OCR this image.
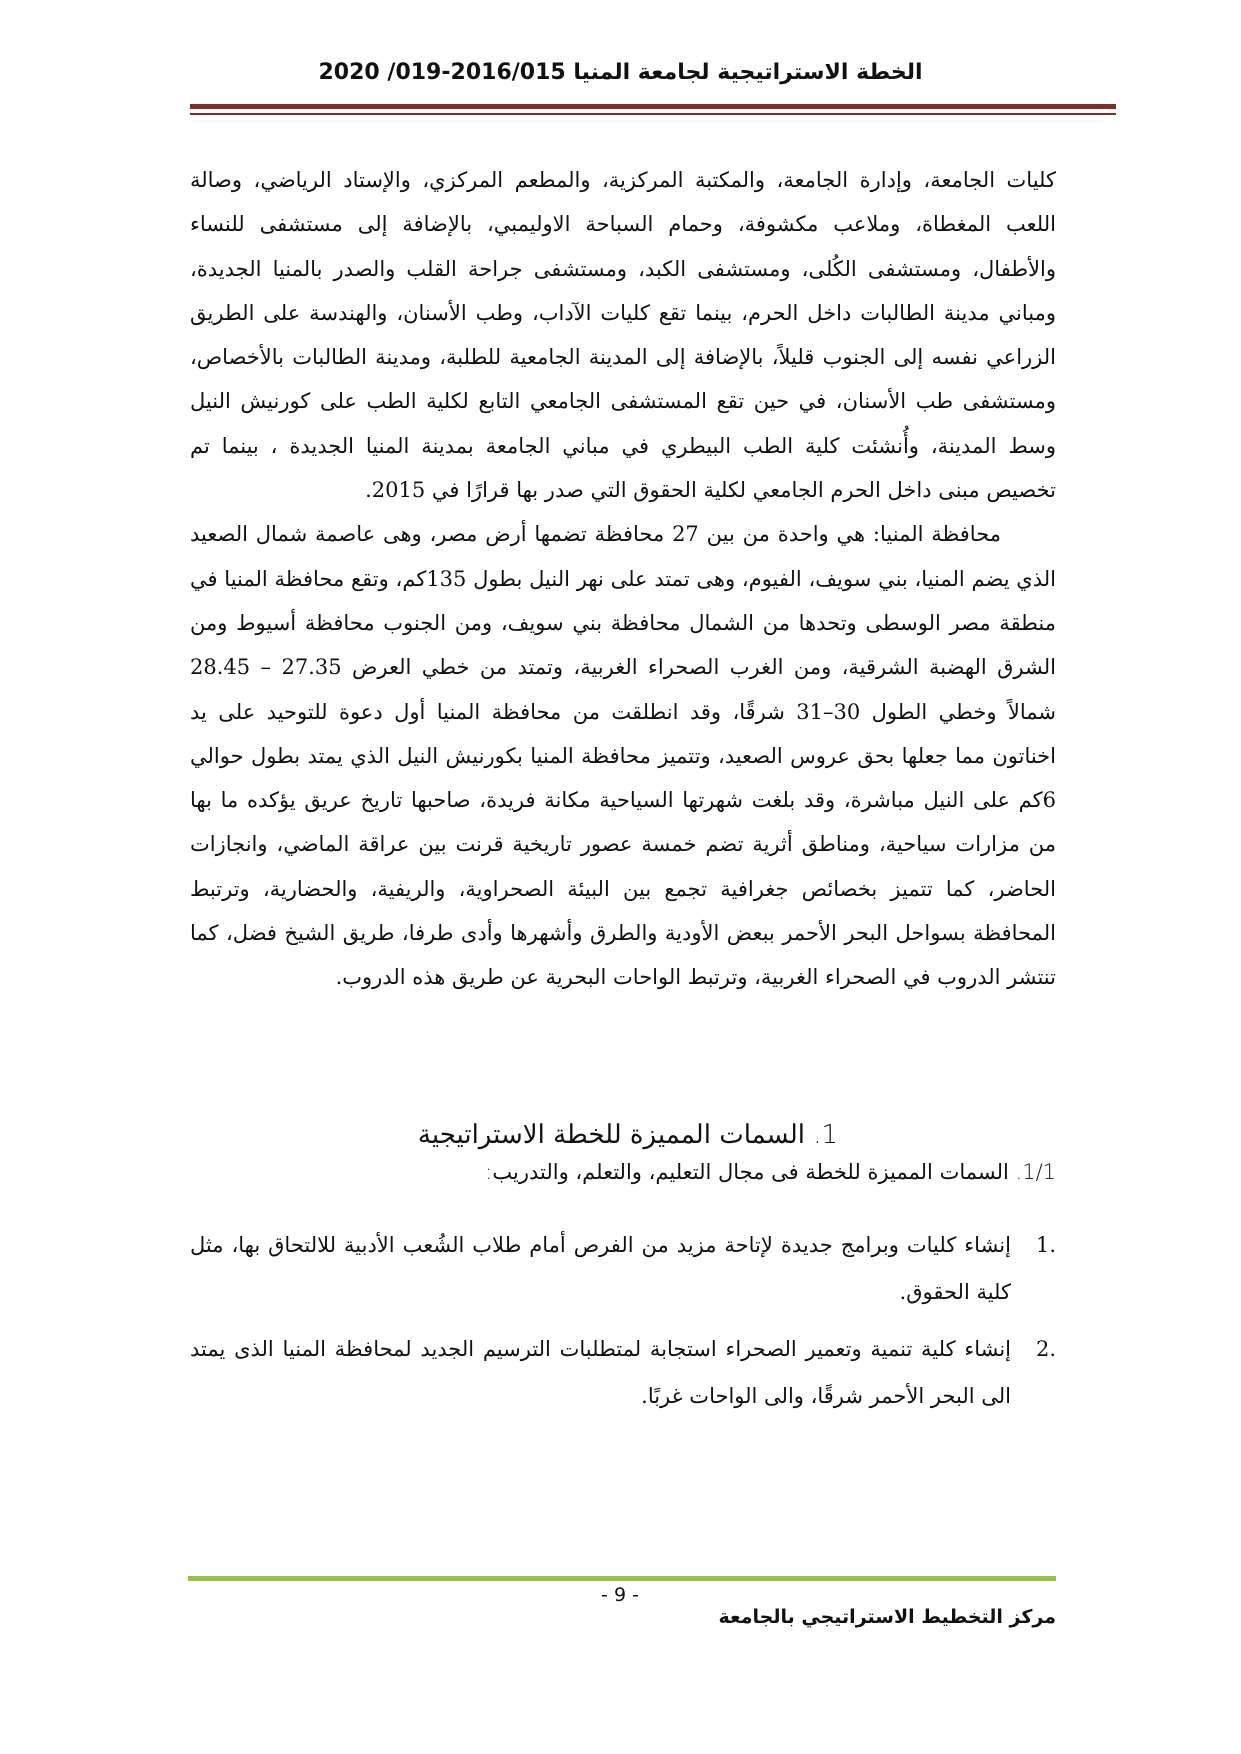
الخطة الاستراتيجية لجامعة المنيا 2016/015-019/ 2020

كليات الجامعة، وإدارة الجامعة، والمكتبة المركزية، والمطعم المركزي، والإستاد الرياضي، وصالة اللعب المغطاة، وملاعب مكشوفة، وحمام السباحة الاوليمبي، بالإضافة إلى مستشفى للنساء والأطفال، ومستشفى الكُلى، ومستشفى الكبد، ومستشفى جراحة القلب والصدر بالمنيا الجديدة، ومباني مدينة الطالبات داخل الحرم، بينما تقع كليات الآداب، وطب الأسنان، والهندسة على الطريق الزراعي نفسه إلى الجنوب قليلاً، بالإضافة إلى المدينة الجامعية للطلبة، ومدينة الطالبات بالأخصاص، ومستشفى طب الأسنان، في حين تقع المستشفى الجامعي التابع لكلية الطب على كورنيش النيل وسط المدينة، وأُنشئت كلية الطب البيطري في مباني الجامعة بمدينة المنيا الجديدة ، بينما تم تخصيص مبنى داخل الحرم الجامعي لكلية الحقوق التي صدر بها قرارًا في 2015.

محافظة المنيا: هي واحدة من بين 27 محافظة تضمها أرض مصر، وهى عاصمة شمال الصعيد الذي يضم المنيا، بني سويف، الفيوم، وهى تمتد على نهر النيل بطول 135كم، وتقع محافظة المنيا في منطقة مصر الوسطى وتحدها من الشمال محافظة بني سويف، ومن الجنوب محافظة أسيوط ومن الشرق الهضبة الشرقية، ومن الغرب الصحراء الغربية، وتمتد من خطي العرض 27.35 – 28.45 شمالاً وخطي الطول 30–31 شرقًا، وقد انطلقت من محافظة المنيا أول دعوة للتوحيد على يد اخناتون مما جعلها بحق عروس الصعيد، وتتميز محافظة المنيا بكورنيش النيل الذي يمتد بطول حوالي 6كم على النيل مباشرة، وقد بلغت شهرتها السياحية مكانة فريدة، صاحبها تاريخ عريق يؤكده ما بها من مزارات سياحية، ومناطق أثرية تضم خمسة عصور تاريخية قرنت بين عراقة الماضي، وانجازات الحاضر، كما تتميز بخصائص جغرافية تجمع بين البيئة الصحراوية، والريفية، والحضارية، وترتبط المحافظة بسواحل البحر الأحمر ببعض الأودية والطرق وأشهرها وأدى طرفا، طريق الشيخ فضل، كما تنتشر الدروب في الصحراء الغربية، وترتبط الواحات البحرية عن طريق هذه الدروب.

1. السمات المميزة للخطة الاستراتيجية
1/1. السمات المميزة للخطة فى مجال التعليم، والتعلم، والتدريب:
.1
إنشاء كليات وبرامج جديدة لإتاحة مزيد من الفرص أمام طلاب الشُعب الأدبية للالتحاق بها، مثل كلية الحقوق.
.2
إنشاء كلية تنمية وتعمير الصحراء استجابة لمتطلبات الترسيم الجديد لمحافظة المنيا الذى يمتد الى البحر الأحمر شرقًا، والى الواحات غربًا.
- 9 -
مركز التخطيط الاستراتيجي بالجامعة
